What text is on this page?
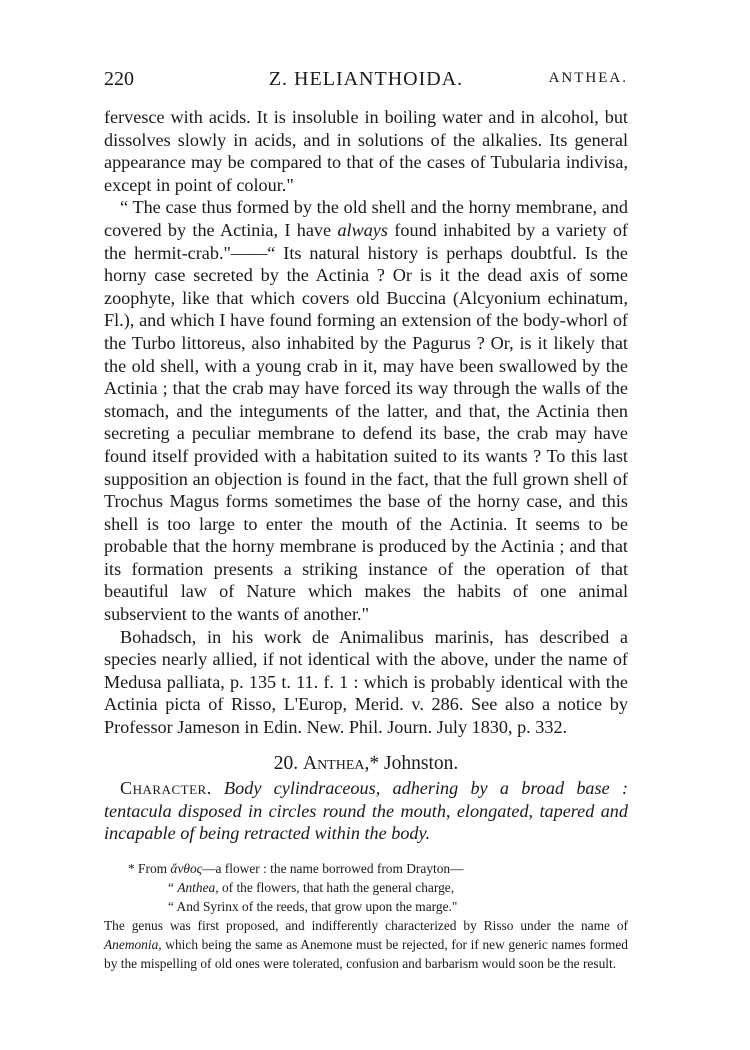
220	Z. HELIANTHOIDA.	ANTHEA.

fervesce with acids. It is insoluble in boiling water and in alcohol, but dissolves slowly in acids, and in solutions of the alkalies. Its general appearance may be compared to that of the cases of Tubularia indivisa, except in point of colour."

“ The case thus formed by the old shell and the horny membrane, and covered by the Actinia, I have always found inhabited by a variety of the hermit-crab."——“ Its natural history is perhaps doubtful. Is the horny case secreted by the Actinia ? Or is it the dead axis of some zoophyte, like that which covers old Buccina (Alcyonium echinatum, Fl.), and which I have found forming an extension of the body-whorl of the Turbo littoreus, also inhabited by the Pagurus ? Or, is it likely that the old shell, with a young crab in it, may have been swallowed by the Actinia ; that the crab may have forced its way through the walls of the stomach, and the integuments of the latter, and that, the Actinia then secreting a peculiar membrane to defend its base, the crab may have found itself provided with a habitation suited to its wants ? To this last supposition an objection is found in the fact, that the full grown shell of Trochus Magus forms sometimes the base of the horny case, and this shell is too large to enter the mouth of the Actinia. It seems to be probable that the horny membrane is produced by the Actinia ; and that its formation presents a striking instance of the operation of that beautiful law of Nature which makes the habits of one animal subservient to the wants of another."

Bohadsch, in his work de Animalibus marinis, has described a species nearly allied, if not identical with the above, under the name of Medusa palliata, p. 135 t. 11. f. 1 : which is probably identical with the Actinia picta of Risso, L'Europ, Merid. v. 286. See also a notice by Professor Jameson in Edin. New. Phil. Journ. July 1830, p. 332.

20. Anthea,* Johnston.

Character. Body cylindraceous, adhering by a broad base : tentacula disposed in circles round the mouth, elongated, tapered and incapable of being retracted within the body.

* From ἄνθος—a flower : the name borrowed from Drayton—

“ Anthea, of the flowers, that hath the general charge,

“ And Syrinx of the reeds, that grow upon the marge."

The genus was first proposed, and indifferently characterized by Risso under the name of Anemonia, which being the same as Anemone must be rejected, for if new generic names formed by the mispelling of old ones were tolerated, confusion and barbarism would soon be the result.
